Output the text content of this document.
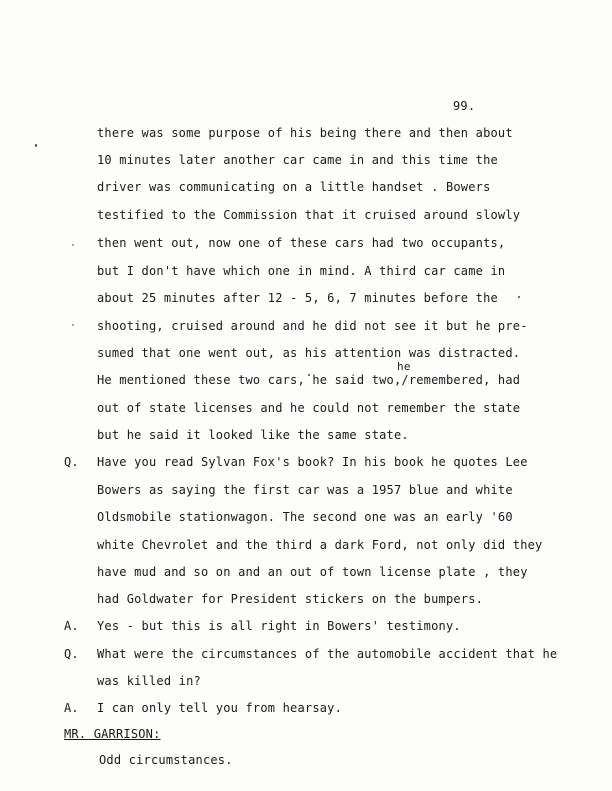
99.
there was some purpose of his being there and then about
10 minutes later another car came in and this time the
driver was communicating on a little handset . Bowers
testified to the Commission that it cruised around slowly
then went out, now one of these cars had two occupants,
but I don't have which one in mind. A third car came in
about 25 minutes after 12 - 5, 6, 7 minutes before the
shooting, cruised around and he did not see it but he pre-
sumed that one went out, as his attention was distracted.
he
He mentioned these two cars, he said two,/remembered, had
out of state licenses and he could not remember the state
but he said it looked like the same state.
Q. Have you read Sylvan Fox's book? In his book he quotes Lee
Bowers as saying the first car was a 1957 blue and white
Oldsmobile stationwagon. The second one was an early '60
white Chevrolet and the third a dark Ford, not only did they
have mud and so on and an out of town license plate , they
had Goldwater for President stickers on the bumpers.
A. Yes - but this is all right in Bowers' testimony.
Q. What were the circumstances of the automobile accident that he
was killed in?
A. I can only tell you from hearsay.
MR. GARRISON:
Odd circumstances.
